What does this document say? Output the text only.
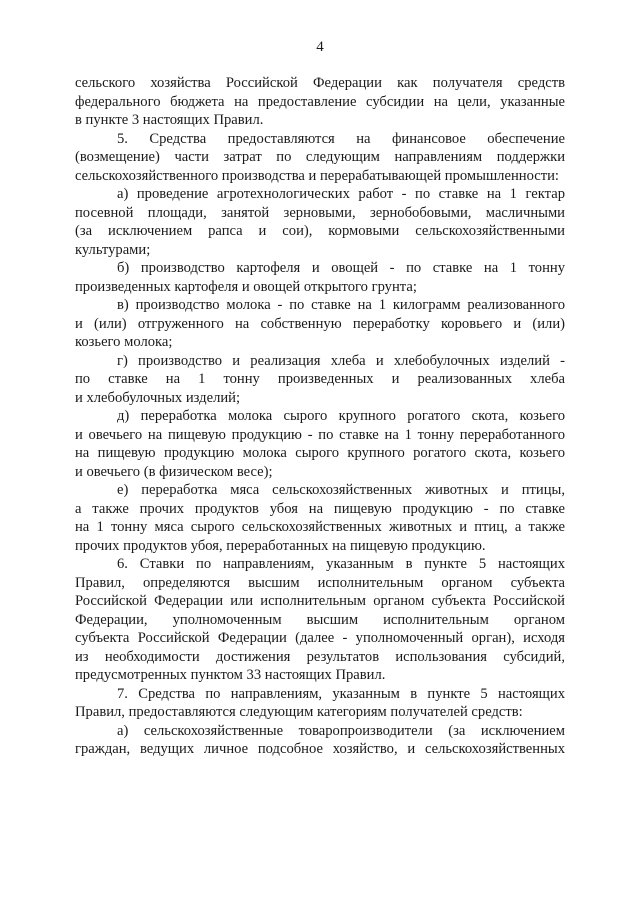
4
сельского хозяйства Российской Федерации как получателя средств
федерального бюджета на предоставление субсидии на цели, указанные
в пункте 3 настоящих Правил.
5. Средства предоставляются на финансовое обеспечение
(возмещение) части затрат по следующим направлениям поддержки
сельскохозяйственного производства и перерабатывающей промышленности:
а) проведение агротехнологических работ - по ставке на 1 гектар
посевной площади, занятой зерновыми, зернобобовыми, масличными
(за исключением рапса и сои), кормовыми сельскохозяйственными
культурами;
б) производство картофеля и овощей - по ставке на 1 тонну
произведенных картофеля и овощей открытого грунта;
в) производство молока - по ставке на 1 килограмм реализованного
и (или) отгруженного на собственную переработку коровьего и (или)
козьего молока;
г) производство и реализация хлеба и хлебобулочных изделий -
по ставке на 1 тонну произведенных и реализованных хлеба
и хлебобулочных изделий;
д) переработка молока сырого крупного рогатого скота, козьего
и овечьего на пищевую продукцию - по ставке на 1 тонну переработанного
на пищевую продукцию молока сырого крупного рогатого скота, козьего
и овечьего (в физическом весе);
е) переработка мяса сельскохозяйственных животных и птицы,
а также прочих продуктов убоя на пищевую продукцию - по ставке
на 1 тонну мяса сырого сельскохозяйственных животных и птиц, а также
прочих продуктов убоя, переработанных на пищевую продукцию.
6. Ставки по направлениям, указанным в пункте 5 настоящих
Правил, определяются высшим исполнительным органом субъекта
Российской Федерации или исполнительным органом субъекта Российской
Федерации, уполномоченным высшим исполнительным органом
субъекта Российской Федерации (далее - уполномоченный орган), исходя
из необходимости достижения результатов использования субсидий,
предусмотренных пунктом 33 настоящих Правил.
7. Средства по направлениям, указанным в пункте 5 настоящих
Правил, предоставляются следующим категориям получателей средств:
а) сельскохозяйственные товаропроизводители (за исключением
граждан, ведущих личное подсобное хозяйство, и сельскохозяйственных
